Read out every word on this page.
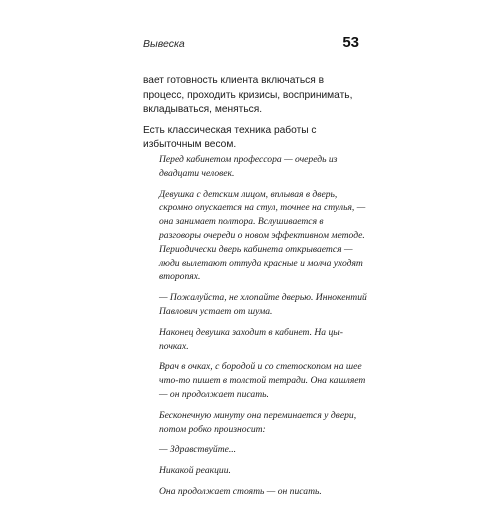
Вывеска	53

вает готовность клиента включаться в процесс, проходить кризисы, воспринимать, вкладываться, меняться.

Есть классическая техника работы с избыточным весом.

Перед кабинетом профессора — очередь из двадцати человек.

Девушка с детским лицом, вплывая в дверь, скромно опускается на стул, точнее на стулья, — она занимает полтора. Вслушивается в разговоры очереди о новом эффективном методе. Периодически дверь кабинета открывается — люди вылетают оттуда красные и молча уходят второпях.

— Пожалуйста, не хлопайте дверью. Иннокентий Павлович устает от шума.

Наконец девушка заходит в кабинет. На цыпочках.

Врач в очках, с бородой и со стетоскопом на шее что-то пишет в толстой тетради. Она кашляет — он продолжает писать.

Бесконечную минуту она переминается у двери, потом робко произносит:

— Здравствуйте...

Никакой реакции.

Она продолжает стоять — он писать.
